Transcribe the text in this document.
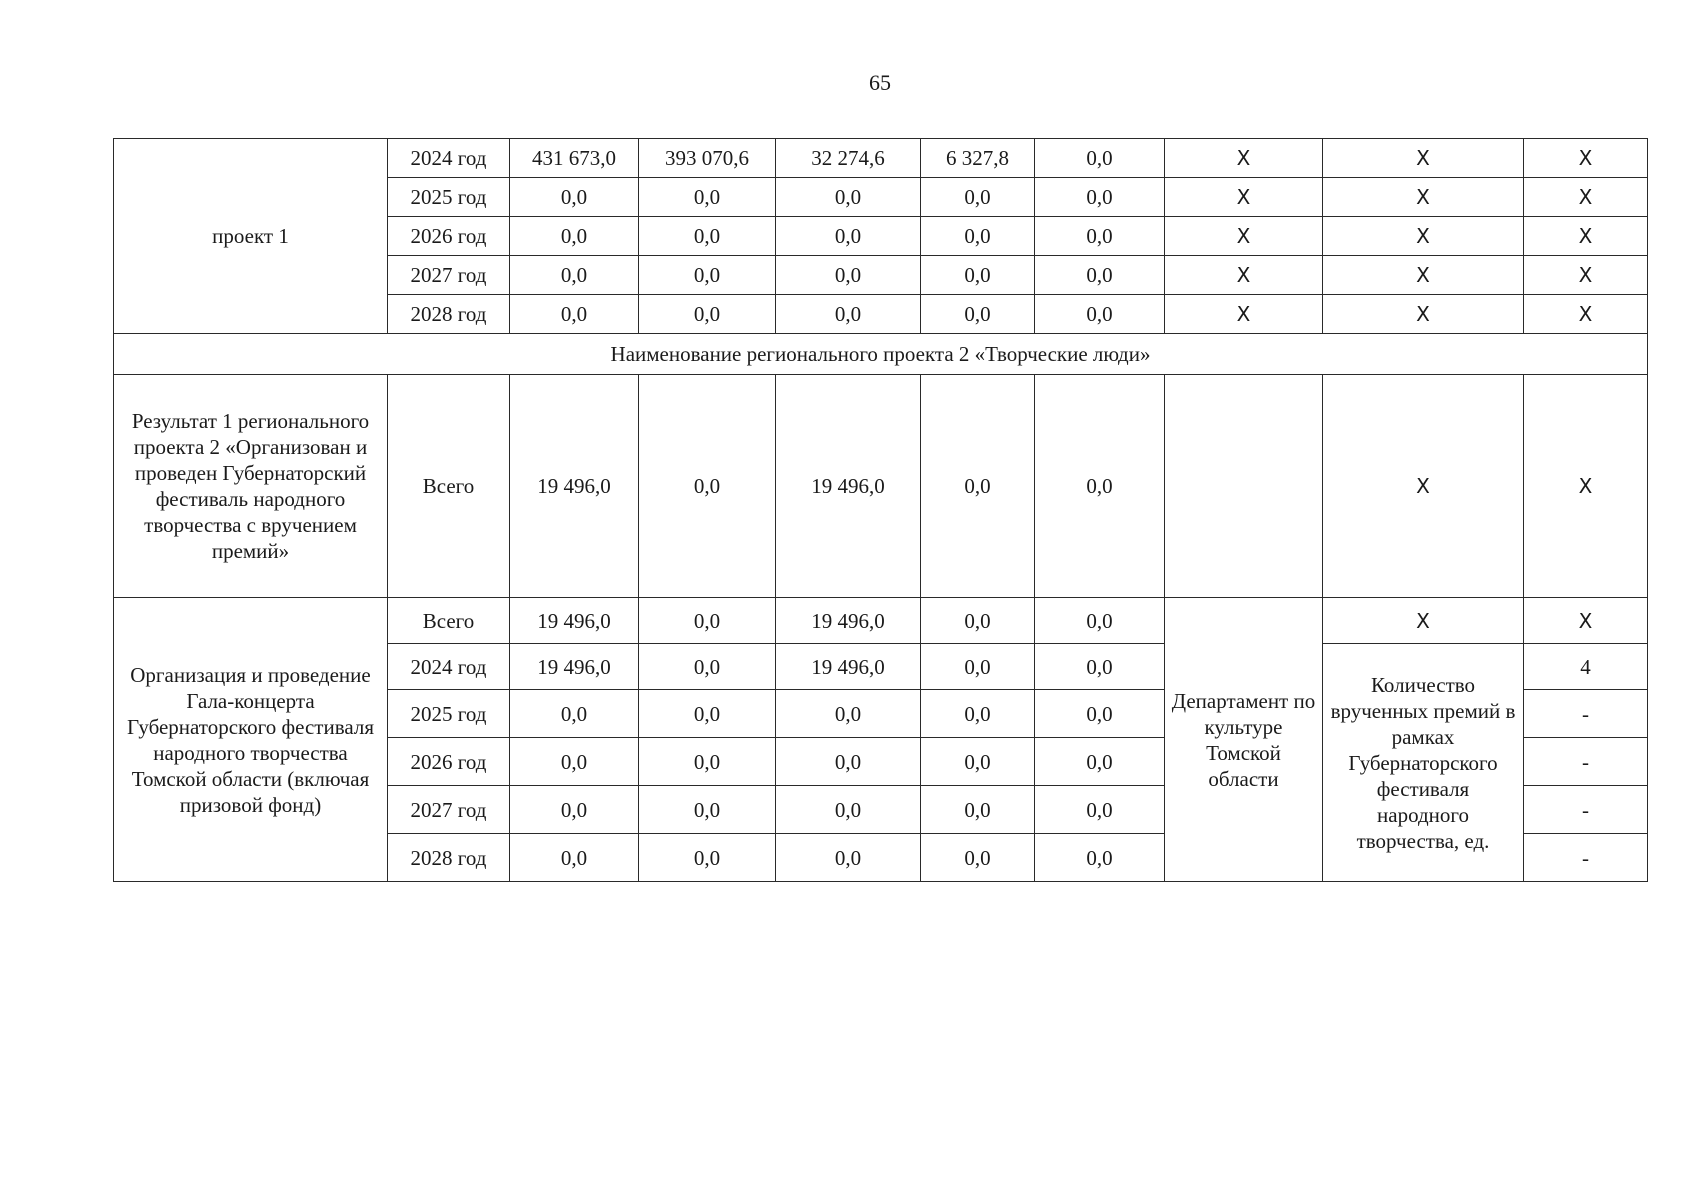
65
проект 1	2024 год	431 673,0	393 070,6	32 274,6	6 327,8	0,0	X	X	X
	2025 год	0,0	0,0	0,0	0,0	0,0	X	X	X
	2026 год	0,0	0,0	0,0	0,0	0,0	X	X	X
	2027 год	0,0	0,0	0,0	0,0	0,0	X	X	X
	2028 год	0,0	0,0	0,0	0,0	0,0	X	X	X
Наименование регионального проекта 2 «Творческие люди»									
Результат 1 регионального проекта 2 «Организован и проведен Губернаторский фестиваль народного творчества с вручением премий»	Всего	19 496,0	0,0	19 496,0	0,0	0,0		X	X
Организация и проведение Гала-концерта Губернаторского фестиваля народного творчества Томской области (включая призовой фонд)	Всего	19 496,0	0,0	19 496,0	0,0	0,0	Департамент по культуре Томской области	X	X
	2024 год	19 496,0	0,0	19 496,0	0,0	0,0		Количество врученных премий в рамках Губернаторского фестиваля народного творчества, ед.	4
	2025 год	0,0	0,0	0,0	0,0	0,0			-
	2026 год	0,0	0,0	0,0	0,0	0,0			-
	2027 год	0,0	0,0	0,0	0,0	0,0			-
	2028 год	0,0	0,0	0,0	0,0	0,0			-
